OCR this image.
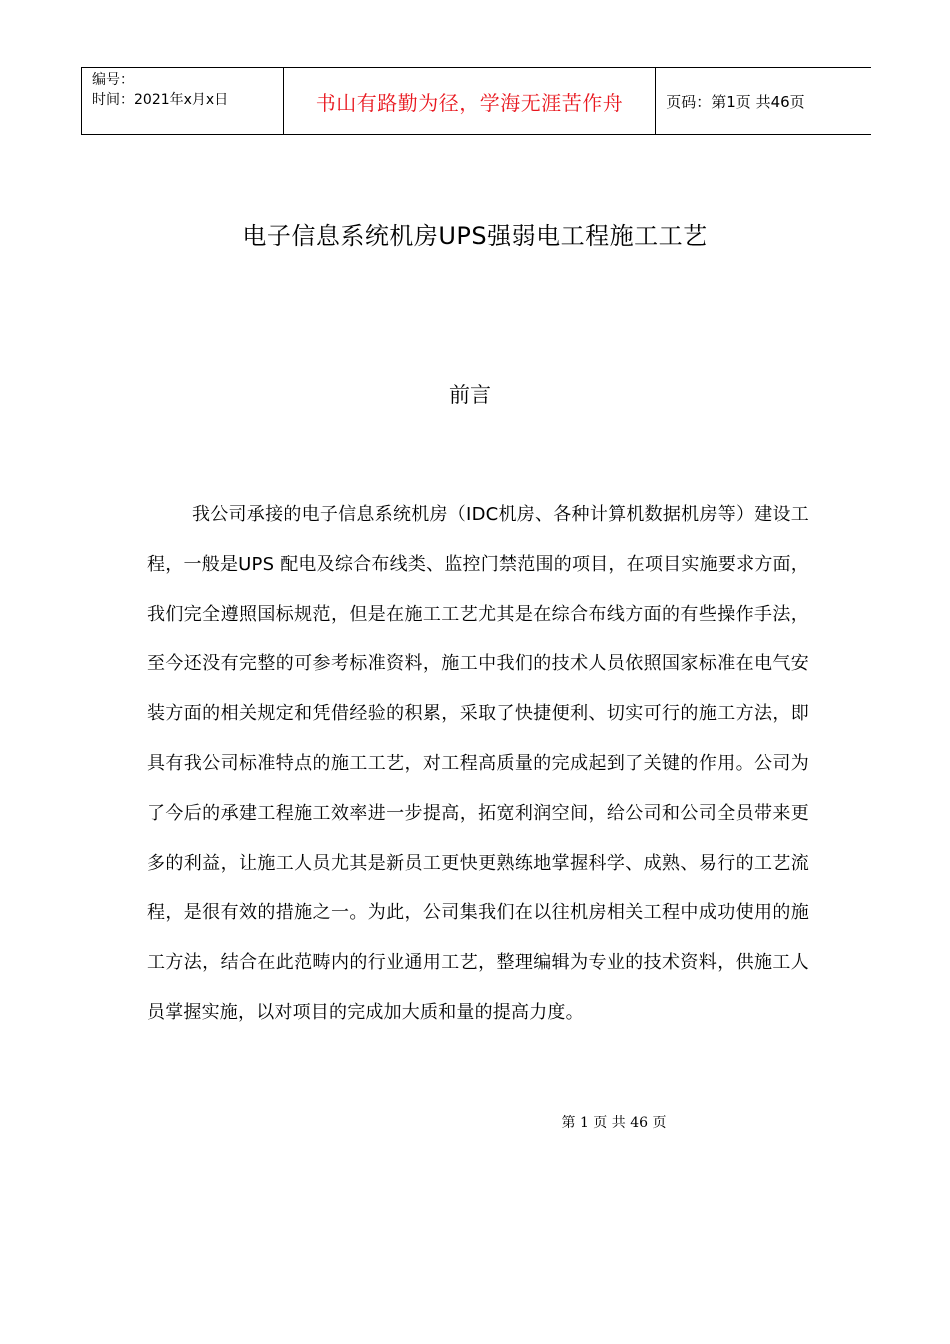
编号：
时间：2021年x月x日	书山有路勤为径，学海无涯苦作舟	页码：第1页 共46页
电子信息系统机房UPS强弱电工程施工工艺
前言

我公司承接的电子信息系统机房（IDC机房、各种计算机数据机房等）建设工程，一般是UPS 配电及综合布线类、监控门禁范围的项目，在项目实施要求方面，我们完全遵照国标规范，但是在施工工艺尤其是在综合布线方面的有些操作手法，至今还没有完整的可参考标准资料，施工中我们的技术人员依照国家标准在电气安装方面的相关规定和凭借经验的积累，采取了快捷便利、切实可行的施工方法，即具有我公司标准特点的施工工艺，对工程高质量的完成起到了关键的作用。公司为了今后的承建工程施工效率进一步提高，拓宽利润空间，给公司和公司全员带来更多的利益，让施工人员尤其是新员工更快更熟练地掌握科学、成熟、易行的工艺流程，是很有效的措施之一。为此，公司集我们在以往机房相关工程中成功使用的施工方法，结合在此范畴内的行业通用工艺，整理编辑为专业的技术资料，供施工人员掌握实施，以对项目的完成加大质和量的提高力度。

第 1 页 共 46 页
